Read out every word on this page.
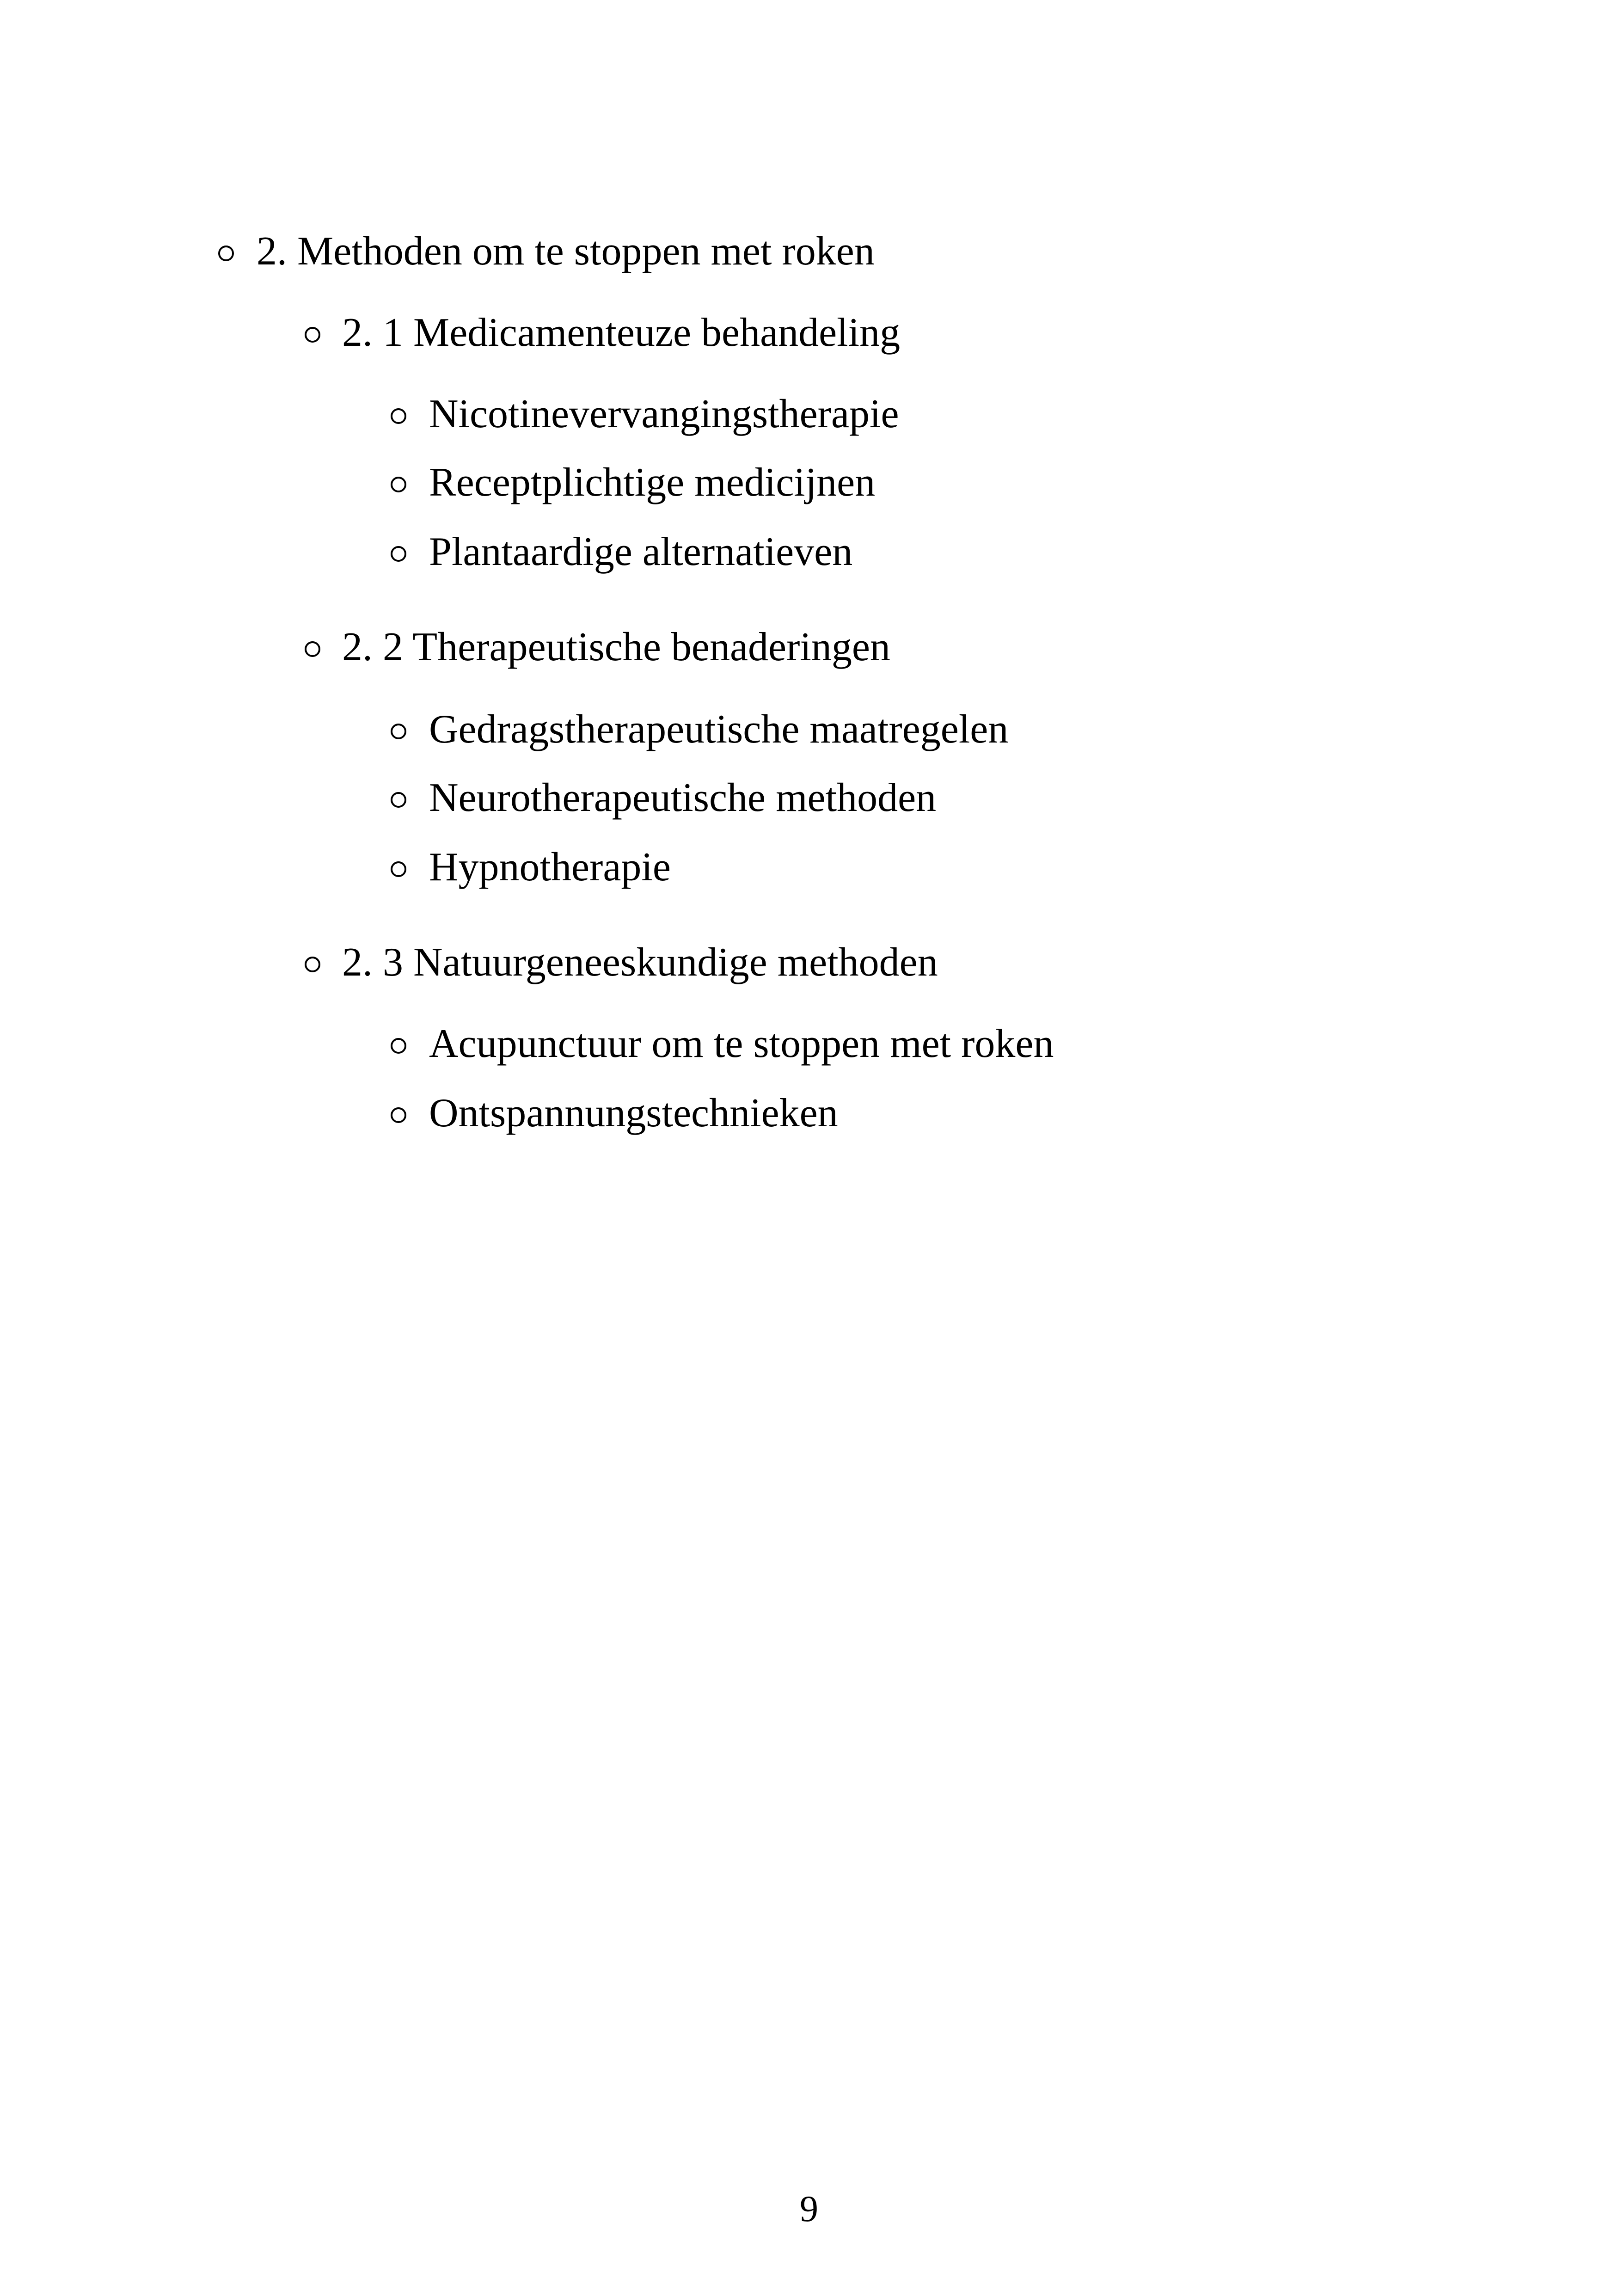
2. Methoden om te stoppen met roken
2. 1 Medicamenteuze behandeling
Nicotinevervangingstherapie
Receptplichtige medicijnen
Plantaardige alternatieven
2. 2 Therapeutische benaderingen
Gedragstherapeutische maatregelen
Neurotherapeutische methoden
Hypnotherapie
2. 3 Natuurgeneeskundige methoden
Acupunctuur om te stoppen met roken
Ontspannungstechnieken
9
